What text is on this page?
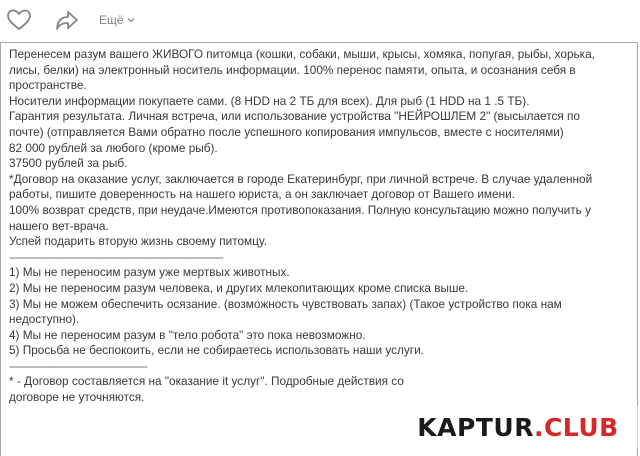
Ещё

Перенесем разум вашего ЖИВОГО питомца (кошки, собаки, мыши, крысы, хомяка, попугая, рыбы, хорька,

лисы, белки) на электронный носитель информации. 100% перенос памяти, опыта, и осознания себя в

пространстве.

Носители информации покупаете сами. (8 HDD на 2 ТБ для всех). Для рыб (1 HDD на 1 .5 ТБ).

Гарантия результата. Личная встреча, или использование устройства "НЕЙРОШЛЕМ 2" (высылается по

почте) (отправляется Вами обратно после успешного копирования импульсов, вместе с носителями)

82 000 рублей за любого (кроме рыб).

37500 рублей за рыб.

*Договор на оказание услуг, заключается в городе Екатеринбург, при личной встрече. В случае удаленной

работы, пишите доверенность на нашего юриста, а он заключает договор от Вашего имени.

100% возврат средств, при неудаче.Имеются противопоказания. Полную консультацию можно получить у

нашего вет-врача.

Успей подарить вторую жизнь своему питомцу.

-------------------------------------------------------------------------

1) Мы не переносим разум уже мертвых животных.

2) Мы не переносим разум человека, и других млекопитающих кроме списка выше.

3) Мы не можем обеспечить осязание. (возможность чувствовать запах) (Такое устройство пока нам

недоступно).

4) Мы не переносим разум в "тело робота" это пока невозможно.

5) Просьба не беспокоить, если не собираетесь использовать наши услуги.

-----------------------------------------------

* - Договор составляется на "оказание it услуг". Подробные действия со

договоре не уточняются.

KAPTUR .CLUB
